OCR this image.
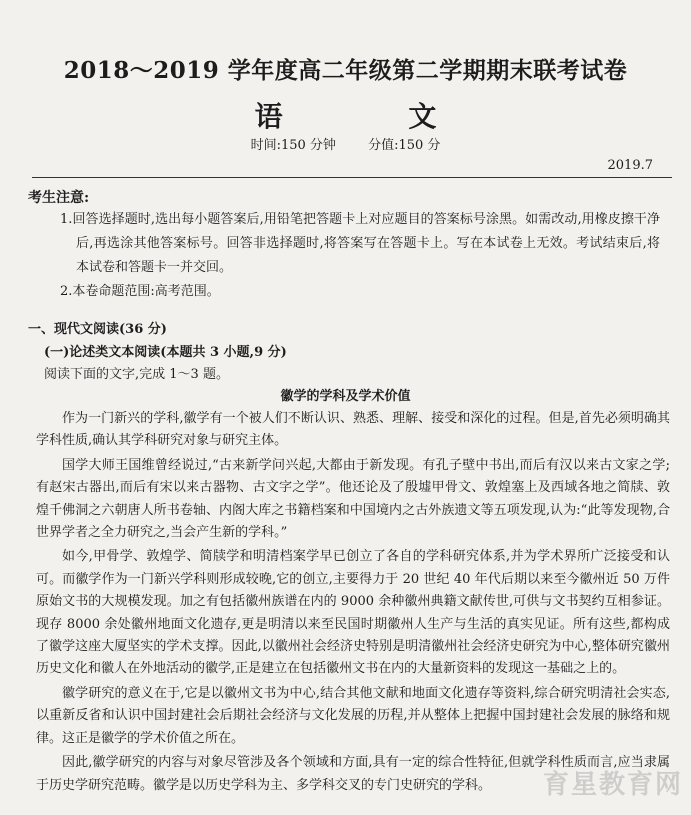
2018～2019 学年度高二年级第二学期期末联考试卷
语 文
时间:150 分钟 分值:150 分
2019.7
考生注意:
1.回答选择题时,选出每小题答案后,用铅笔把答题卡上对应题目的答案标号涂黑。如需改动,用橡皮擦干净后,再选涂其他答案标号。回答非选择题时,将答案写在答题卡上。写在本试卷上无效。考试结束后,将本试卷和答题卡一并交回。
2.本卷命题范围:高考范围。
一、现代文阅读(36 分)
(一)论述类文本阅读(本题共 3 小题,9 分)
阅读下面的文字,完成 1～3 题。
徽学的学科及学术价值

作为一门新兴的学科,徽学有一个被人们不断认识、熟悉、理解、接受和深化的过程。但是,首先必须明确其学科性质,确认其学科研究对象与研究主体。

国学大师王国维曾经说过,“古来新学问兴起,大都由于新发现。有孔子壁中书出,而后有汉以来古文家之学;有赵宋古器出,而后有宋以来古器物、古文字之学”。他还论及了殷墟甲骨文、敦煌塞上及西域各地之简牍、敦煌千佛洞之六朝唐人所书卷轴、内阁大库之书籍档案和中国境内之古外族遗文等五项发现,认为:“此等发现物,合世界学者之全力研究之,当会产生新的学科。”

如今,甲骨学、敦煌学、简牍学和明清档案学早已创立了各自的学科研究体系,并为学术界所广泛接受和认可。而徽学作为一门新兴学科则形成较晚,它的创立,主要得力于 20 世纪 40 年代后期以来至今徽州近 50 万件原始文书的大规模发现。加之有包括徽州族谱在内的 9000 余种徽州典籍文献传世,可供与文书契约互相参证。现存 8000 余处徽州地面文化遗存,更是明清以来至民国时期徽州人生产与生活的真实见证。所有这些,都构成了徽学这座大厦坚实的学术支撑。因此,以徽州社会经济史特别是明清徽州社会经济史研究为中心,整体研究徽州历史文化和徽人在外地活动的徽学,正是建立在包括徽州文书在内的大量新资料的发现这一基础之上的。

徽学研究的意义在于,它是以徽州文书为中心,结合其他文献和地面文化遗存等资料,综合研究明清社会实态,以重新反省和认识中国封建社会后期社会经济与文化发展的历程,并从整体上把握中国封建社会发展的脉络和规律。这正是徽学的学术价值之所在。

因此,徽学研究的内容与对象尽管涉及各个领域和方面,具有一定的综合性特征,但就学科性质而言,应当隶属于历史学研究范畴。徽学是以历史学科为主、多学科交叉的专门史研究的学科。	育星教育网
